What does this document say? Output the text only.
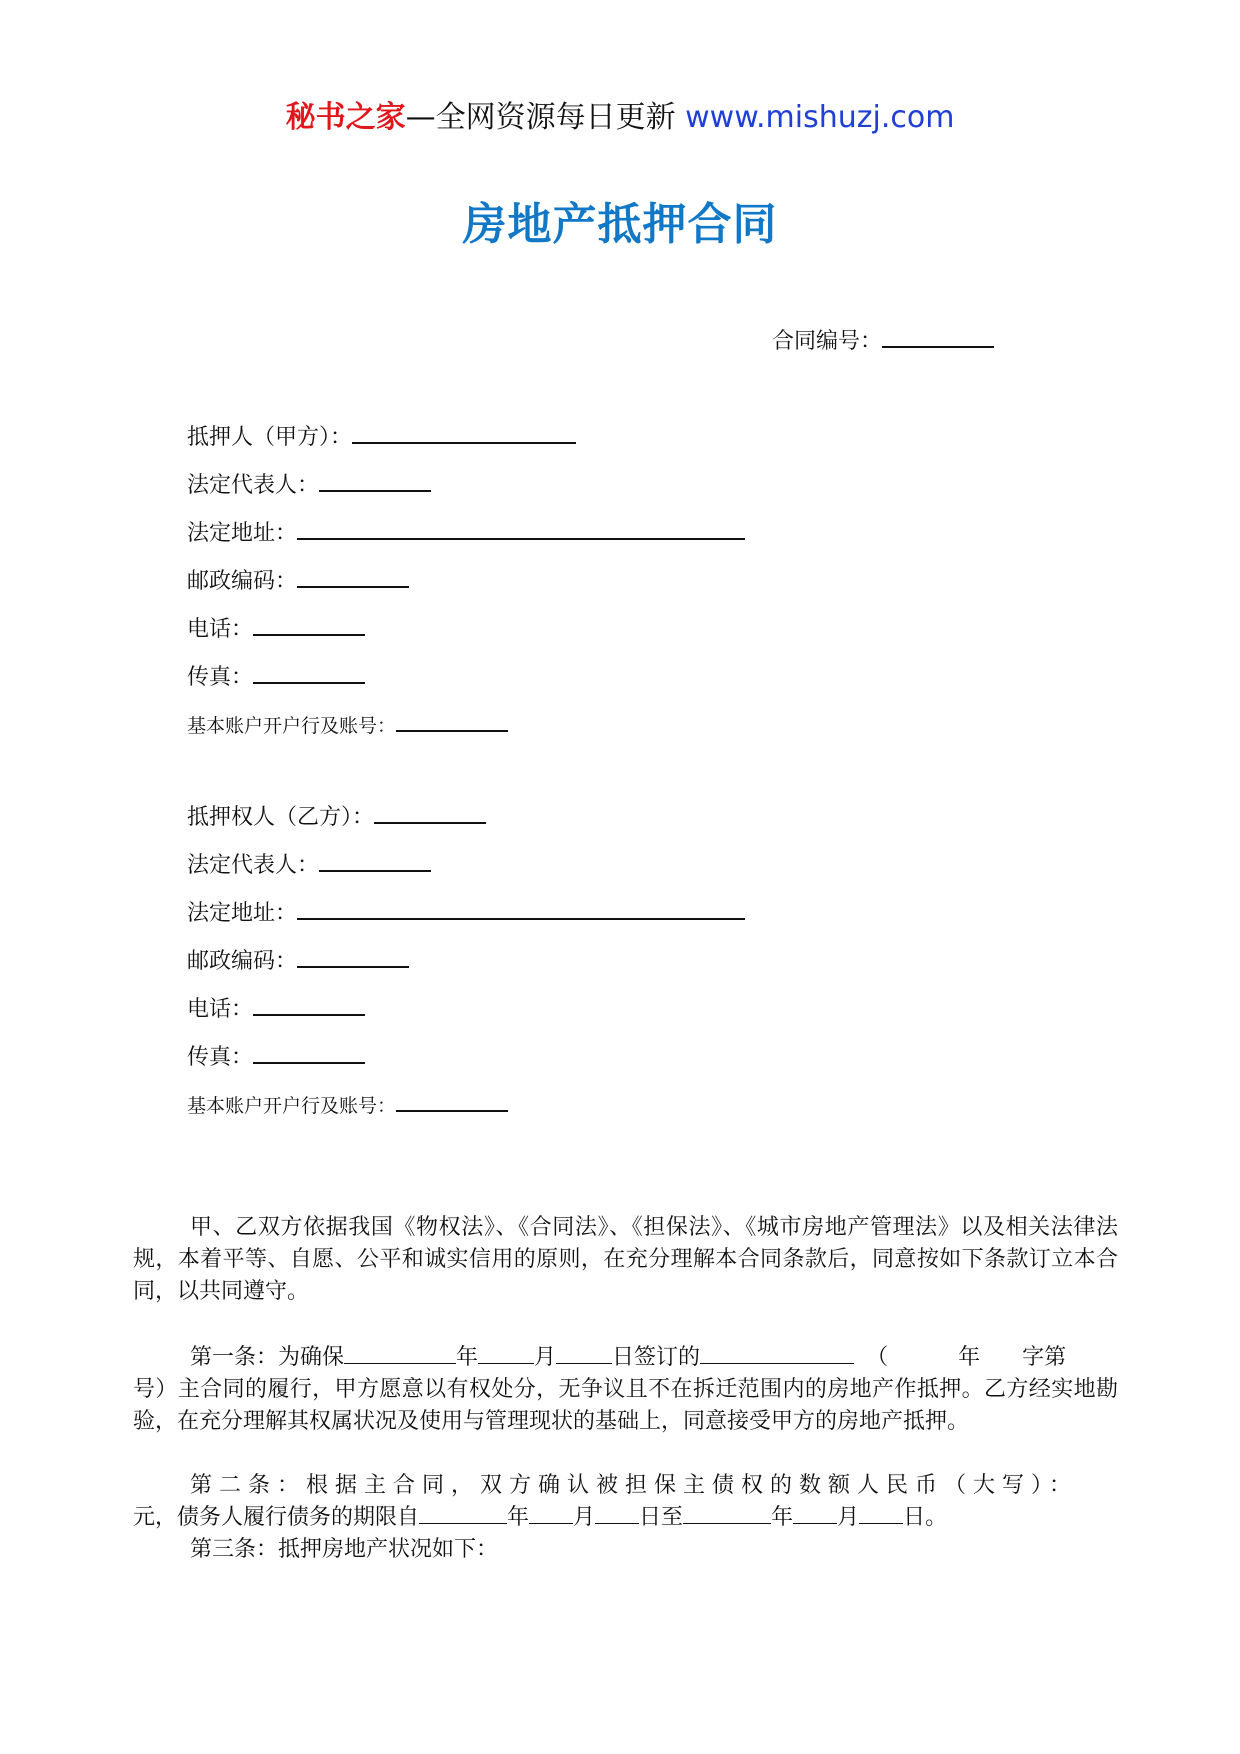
秘书之家—全网资源每日更新 www.mishuzj.com
房地产抵押合同
合同编号：
抵押人（甲方）：
法定代表人：
法定地址：
邮政编码：
电话：
传真：
基本账户开户行及账号：
抵押权人（乙方）：
法定代表人：
法定地址：
邮政编码：
电话：
传真：
基本账户开户行及账号：
甲、乙双方依据我国《物权法》、《合同法》、《担保法》、《城市房地产管理法》以及相关法律法规，本着平等、自愿、公平和诚实信用的原则，在充分理解本合同条款后，同意按如下条款订立本合同，以共同遵守。
第一条：为确保	年	月	日签订的	（	年 字第
号）主合同的履行，甲方愿意以有权处分，无争议且不在拆迁范围内的房地产作抵押。乙方经实地勘验，在充分理解其权属状况及使用与管理现状的基础上，同意接受甲方的房地产抵押。
第二条：根据主合同，双方确认被担保主债权的数额人民币（大写）：
元，债务人履行债务的期限自	年 月 日至	年 月 日。
第三条：抵押房地产状况如下：
